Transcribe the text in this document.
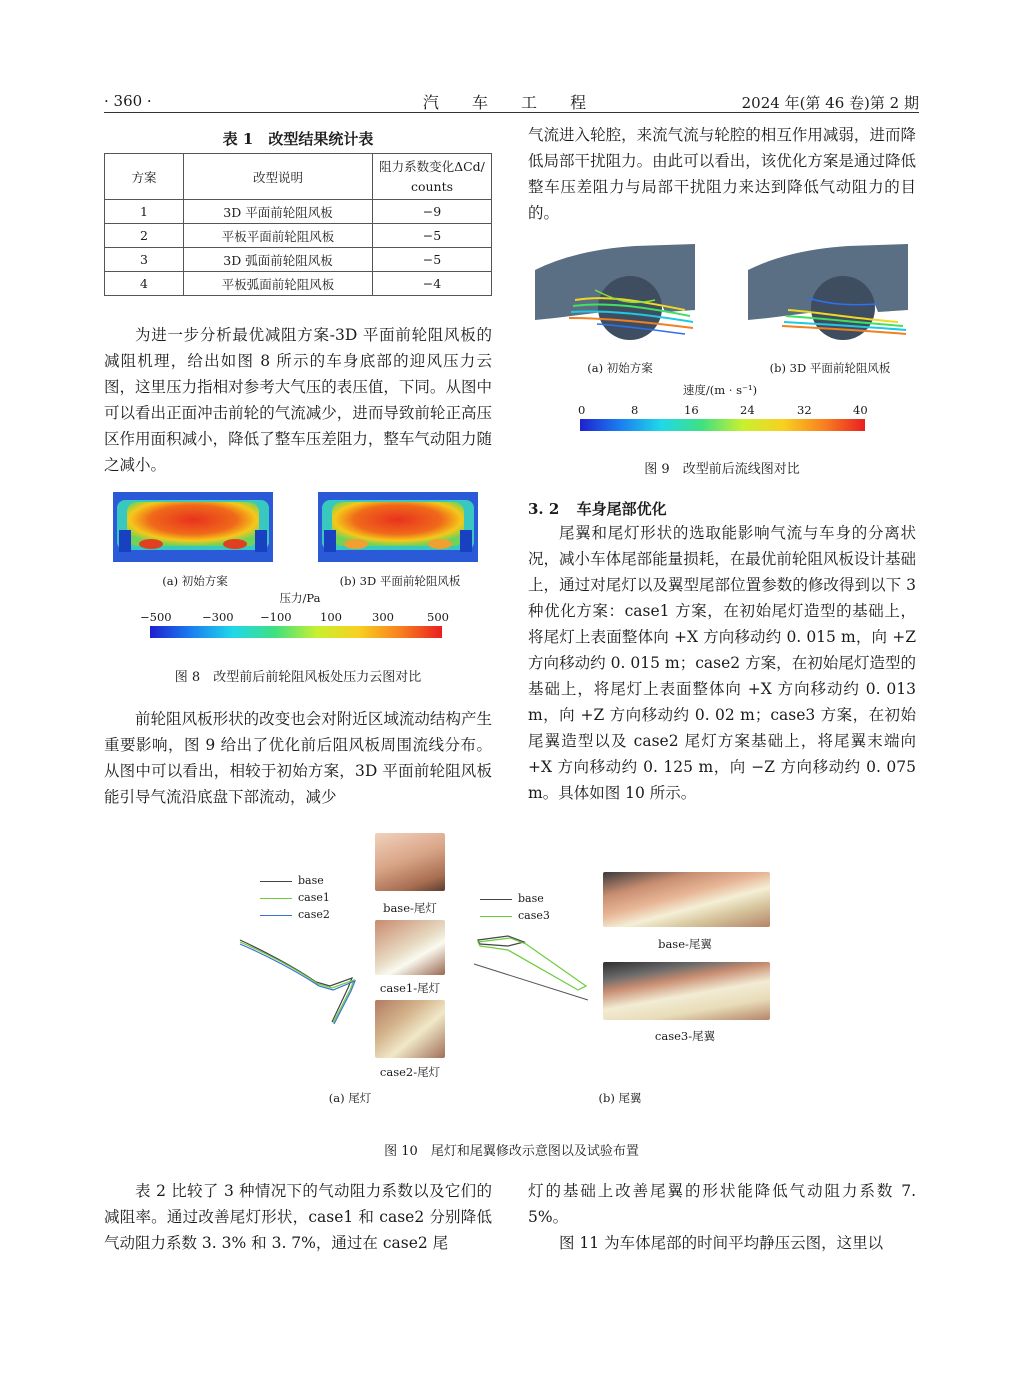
· 360 ·	汽 车 工 程	2024 年(第 46 卷)第 2 期
表 1　改型结果统计表
方案	改型说明	阻力系数变化ΔCd/
counts

1	3D 平面前轮阻风板	−9
2	平板平面前轮阻风板	−5
3	3D 弧面前轮阻风板	−5
4	平板弧面前轮阻风板	−4

为进一步分析最优减阻方案-3D 平面前轮阻风板的减阻机理，给出如图 8 所示的车身底部的迎风压力云图，这里压力指相对参考大气压的表压值，下同。从图中可以看出正面冲击前轮的气流减少，进而导致前轮正高压区作用面积减小，降低了整车压差阻力，整车气动阻力随之减小。

(a) 初始方案	(b) 3D 平面前轮阻风板
压力/Pa
−500	−300 −100 100	300	500
图 8　改型前后前轮阻风板处压力云图对比

前轮阻风板形状的改变也会对附近区域流动结构产生重要影响，图 9 给出了优化前后阻风板周围流线分布。从图中可以看出，相较于初始方案，3D 平面前轮阻风板能引导气流沿底盘下部流动，减少

气流进入轮腔，来流气流与轮腔的相互作用减弱，进而降低局部干扰阻力。由此可以看出，该优化方案是通过降低整车压差阻力与局部干扰阻力来达到降低气动阻力的目的。

(a) 初始方案	(b) 3D 平面前轮阻风板
速度/(m · s⁻¹)
0	8	16	24	32	40
图 9　改型前后流线图对比
3. 2 车身尾部优化

尾翼和尾灯形状的选取能影响气流与车身的分离状况，减小车体尾部能量损耗，在最优前轮阻风板设计基础上，通过对尾灯以及翼型尾部位置参数的修改得到以下 3 种优化方案：case1 方案，在初始尾灯造型的基础上，将尾灯上表面整体向 +X 方向移动约 0. 015 m，向 +Z 方向移动约 0. 015 m；case2 方案，在初始尾灯造型的基础上，将尾灯上表面整体向 +X 方向移动约 0. 013 m，向 +Z 方向移动约 0. 02 m；case3 方案，在初始尾翼造型以及 case2 尾灯方案基础上，将尾翼末端向 +X 方向移动约 0. 125 m，向 −Z 方向移动约 0. 075 m。具体如图 10 所示。

base
case1
case2	base-尾灯
case1-尾灯
case2-尾灯
(a) 尾灯
base
case3
base-尾翼
case3-尾翼
(b) 尾翼
图 10　尾灯和尾翼修改示意图以及试验布置

表 2 比较了 3 种情况下的气动阻力系数以及它们的减阻率。通过改善尾灯形状，case1 和 case2 分别降低气动阻力系数 3. 3% 和 3. 7%，通过在 case2 尾

灯的基础上改善尾翼的形状能降低气动阻力系数 7. 5%。

图 11 为车体尾部的时间平均静压云图，这里以
